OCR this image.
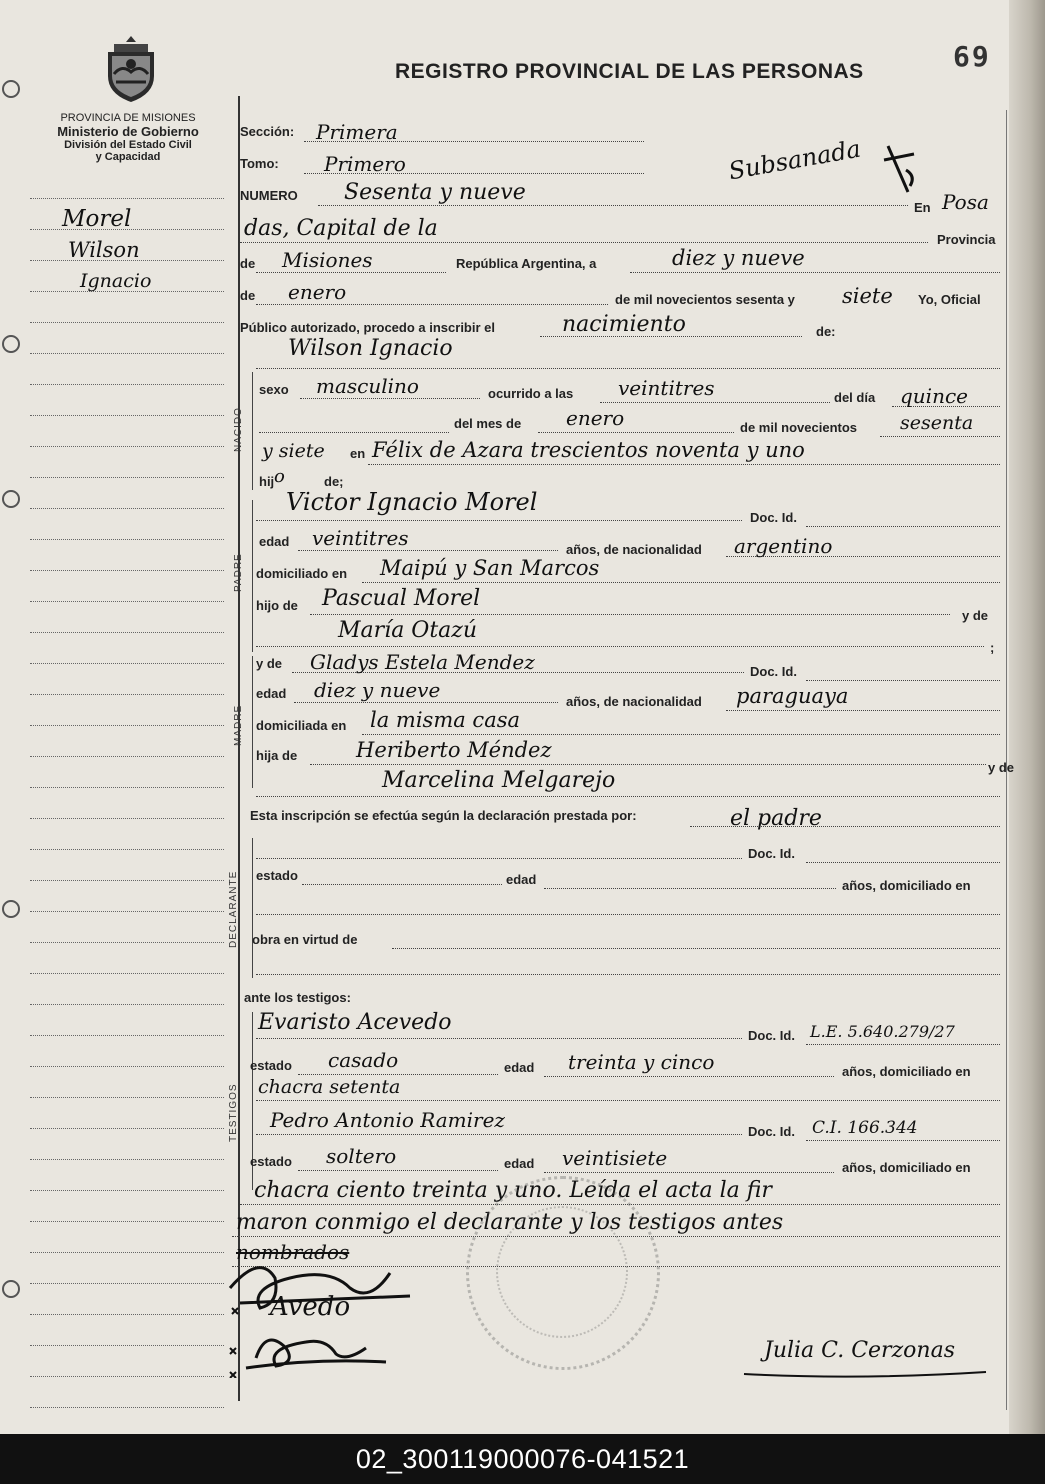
PROVINCIA DE MISIONES
Ministerio de Gobierno
División del Estado Civil
y Capacidad
REGISTRO PROVINCIAL DE LAS PERSONAS	69
Morel
Wilson
Ignacio
Subsanada
Sección: Primera
Tomo: Primero
NUMERO Sesenta y nueve
En Posa
das, Capital de la	Provincia
de Misiones	República Argentina, a	diez y nueve
de enero	de mil novecientos sesenta y siete Yo, Oficial
Público autorizado, procedo a inscribir el	nacimiento	de:
Wilson Ignacio
NACIDO
sexo masculino	ocurrido a las veintitres	del día quince
del mes de enero	de mil novecientos sesenta
y siete en Félix de Azara trescientos noventa y uno
hij o	de;
PADRE
Victor Ignacio Morel
Doc. Id.
edad veintitres	años, de nacionalidad argentino
domiciliado en Maipú y San Marcos
hijo de Pascual Morel
y de
María Otazú
;
MADRE
y de Gladys Estela Mendez	Doc. Id.
edad diez y nueve	años, de nacionalidad paraguaya
domiciliada en la misma casa
hija de	Heriberto Méndez
y de
Marcelina Melgarejo
Esta inscripción se efectúa según la declaración prestada por:	el padre
DECLARANTE
Doc. Id.
estado	edad	años, domiciliado en
obra en virtud de
ante los testigos:
TESTIGOS
Evaristo Acevedo
Doc. Id. L.E. 5.640.279/27
estado casado	edad treinta y cinco	años, domiciliado en
chacra setenta
Pedro Antonio Ramirez	Doc. Id. C.I. 166.344
estado soltero	edad veintisiete	años, domiciliado en
chacra ciento treinta y uno. Leída el acta la fir
maron conmigo el declarante y los testigos antes
nombrados
Avedo
Julia C. Cerzonas
02_300119000076-041521
